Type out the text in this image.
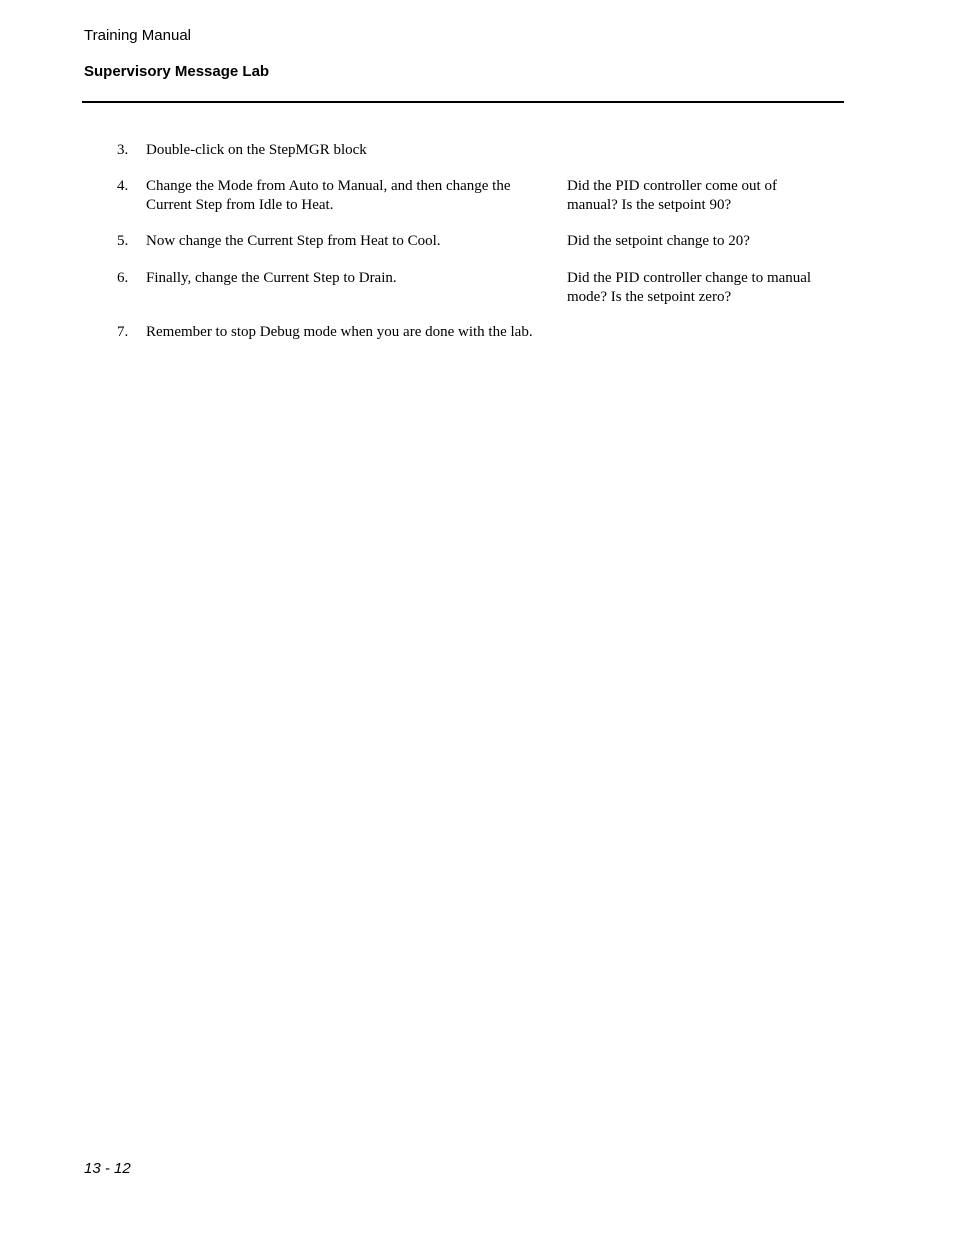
Training Manual
Supervisory Message Lab
3. Double-click on the StepMGR block
4. Change the Mode from Auto to Manual, and then change the
Current Step from Idle to Heat.
Did the PID controller come out of
manual? Is the setpoint 90?
5. Now change the Current Step from Heat to Cool.	Did the setpoint change to 20?
6. Finally, change the Current Step to Drain.	Did the PID controller change to manual
mode? Is the setpoint zero?
7. Remember to stop Debug mode when you are done with the lab.
13 - 12
